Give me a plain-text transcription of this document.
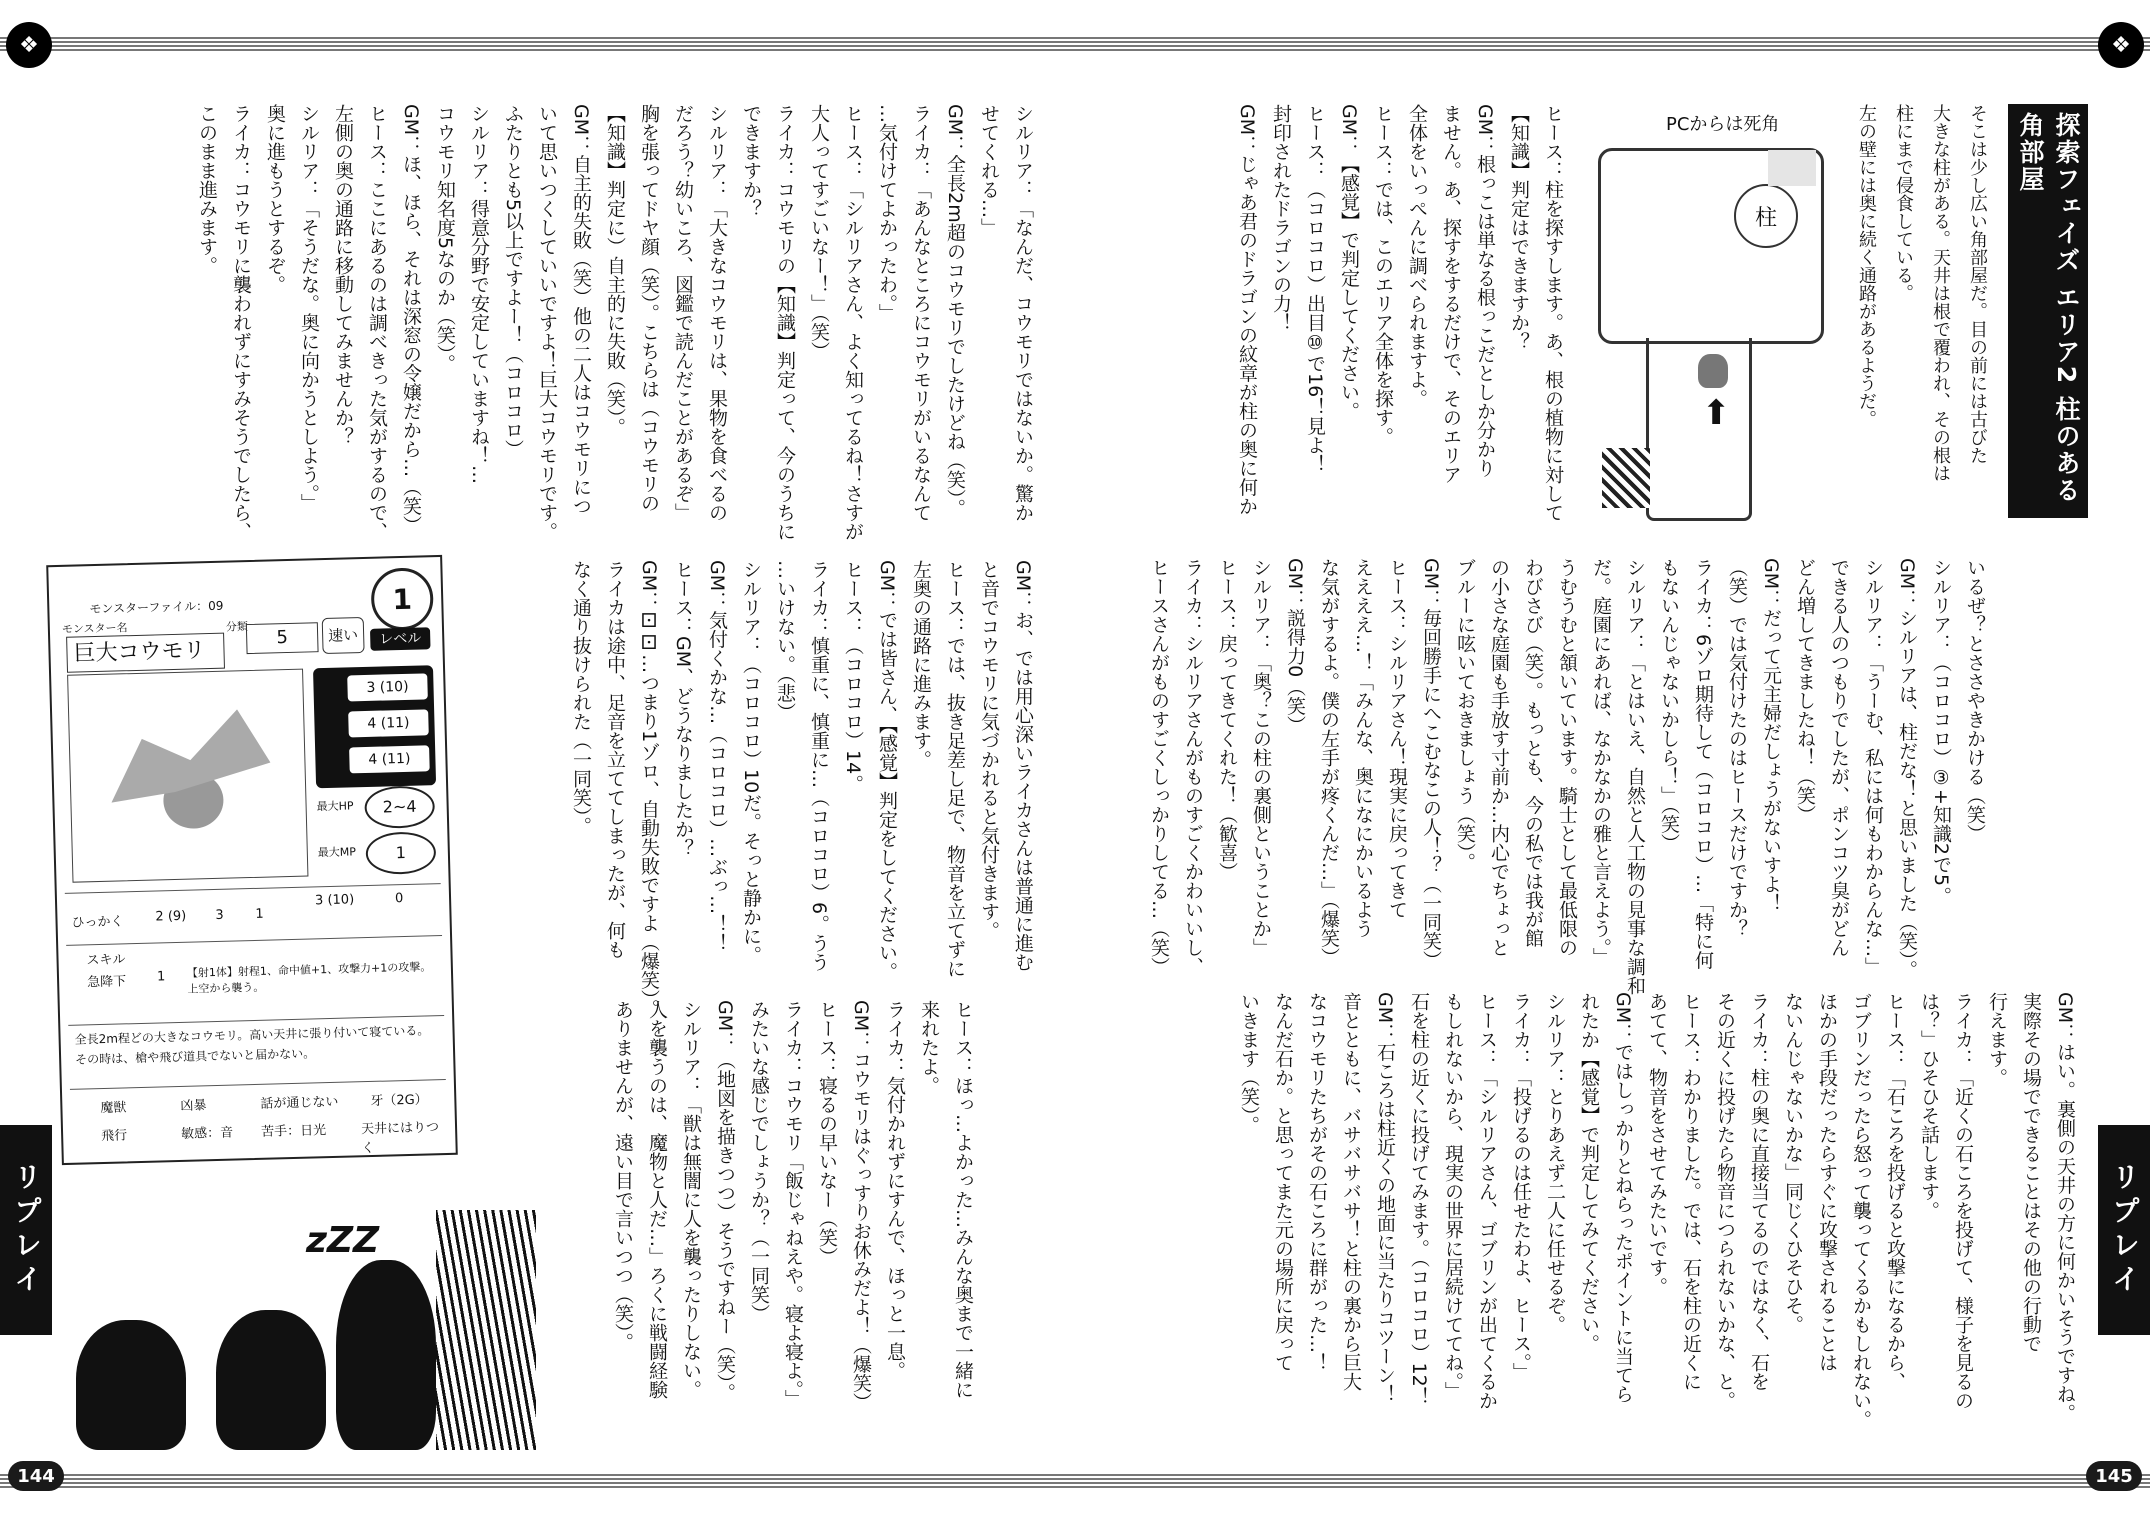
❖	❖
144	145
リプレイ	リプレイ
探索フェイズ エリア2 柱のある角部屋
そこは少し広い角部屋だ。目の前には古びた
大きな柱がある。天井は根で覆われ、その根は
柱にまで侵食している。
左の壁には奥に続く通路があるようだ。
PCからは死角
柱
⬆
ヒース：柱を探すします。あ、根の植物に対して
【知識】判定はできますか？
GM：根っこは単なる根っこだとしか分かり
ません。あ、探すをするだけで、そのエリア
全体をいっぺんに調べられますよ。
ヒース：では、このエリア全体を探す。
GM：【感覚】で判定してください。
ヒース：（コロコロ）出目⑩で16！見よ！
封印されたドラゴンの力！
GM：じゃあ君のドラゴンの紋章が柱の奥に何か
いるぜ？とささやきかける（笑）
シルリア：（コロコロ）③+知識2で5。
GM：シルリアは、柱だな！と思いました（笑）。
シルリア：「うーむ、私には何もわからんな…」
できる人のつもりでしたが、ポンコツ臭がどん
どん増してきましたね！（笑）
GM：だって元主婦だしょうがないすよ！
（笑）では気付けたのはヒースだけですか？
ライカ：6ゾロ期待して（コロコロ）…「特に何
もないんじゃないかしら！」（笑）
シルリア：「とはいえ、自然と人工物の見事な調和
だ。庭園にあれば、なかなかの雅と言えよう。」
うむうむと頷いています。騎士として最低限の
わびさび（笑）。もっとも、今の私では我が館
の小さな庭園も手放す寸前か…内心でちょっと
ブルーに呟いておきましょう（笑）。
GM：毎回勝手にへこむなこの人！？（一同笑）
ヒース：シルリアさん！現実に戻ってきて
ええええ…！「みんな、奥になにかいるよう
な気がするよ。僕の左手が疼くんだ…」（爆笑）
GM：説得力0（笑）
シルリア：「奥？この柱の裏側ということか」
ヒース：戻ってきてくれた！（歓喜）
ライカ：シルリアさんがものすごくかわいいし、
ヒースさんがものすごくしっかりしてる…（笑）
GM：はい。裏側の天井の方に何かいそうですね。
実際その場でできることはその他の行動で
行えます。
ライカ：「近くの石ころを投げて、様子を見るの
は？」ひそひそ話します。
ヒース：「石ころを投げると攻撃になるから、
ゴブリンだったら怒って襲ってくるかもしれない。
ほかの手段だったらすぐに攻撃されることは
ないんじゃないかな」同じくひそひそ。
ライカ：柱の奥に直接当てるのではなく、石を
その近くに投げたら物音につられないかな、と。
ヒース：わかりました。では、石を柱の近くに
あてて、物音をさせてみたいです。
GM：ではしっかりとねらったポイントに当てら
れたか【感覚】で判定してみてください。
シルリア：とりあえず二人に任せるぞ。
ライカ：「投げるのは任せたわよ、ヒース。」
ヒース：「シルリアさん、ゴブリンが出てくるか
もしれないから、現実の世界に居続けててね。」
石を柱の近くに投げてみます。（コロコロ）12！
GM：石ころは柱近くの地面に当たりコツーン！
音とともに、バサバサバサ！と柱の裏から巨大
なコウモリたちがその石ころに群がった…！
なんだ石か。と思ってまた元の場所に戻って
いきます（笑）。
シルリア：「なんだ、コウモリではないか。驚か
せてくれる…」
GM：全長2m超のコウモリでしたけどね（笑）。
ライカ：「あんなところにコウモリがいるなんて
…気付けてよかったわ。」
ヒース：「シルリアさん、よく知ってるね！さすが
大人ってすごいなー！」（笑）
ライカ：コウモリの【知識】判定って、今のうちに
できますか？
シルリア：「大きなコウモリは、果物を食べるの
だろう？幼いころ、図鑑で読んだことがあるぞ」
胸を張ってドヤ顔（笑）。こちらは（コウモリの
【知識】判定に）自主的に失敗（笑）。
GM：自主的失敗（笑）他の二人はコウモリにつ
いて思いつくしていいですよ！巨大コウモリです。
ふたりとも5以上ですよー！（コロコロ）
シルリア：得意分野で安定していますね！…
コウモリ知名度5なのか（笑）。
GM：ほ、ほら、それは深窓の令嬢だから…（笑）
ヒース：ここにあるのは調べきった気がするので、
左側の奥の通路に移動してみませんか？
シルリア：「そうだな。奥に向かうとしよう。」
奥に進もうとするぞ。
ライカ：コウモリに襲われずにすみそうでしたら、
このまま進みます。
GM：お、では用心深いライカさんは普通に進む
と音でコウモリに気づかれると気付きます。
ヒース：では、抜き足差し足で、物音を立てずに
左奥の通路に進みます。
GM：では皆さん、【感覚】判定をしてください。
ヒース：（コロコロ）14。
ライカ：慎重に、慎重に…（コロコロ）6。うう
…いけない。（悲）
シルリア：（コロコロ）10だ。そっと静かに。
GM：気付くかな…（コロコロ）…ぶっ…！！
ヒース：GM、どうなりましたか？
GM：⚀⚀…つまり1ゾロ、自動失敗ですよ（爆笑）。
ライカは途中、足音を立ててしまったが、何も
なく通り抜けられた（一同笑）。
ヒース：ほっ…よかった…みんな奥まで一緒に
来れたよ。
ライカ：気付かれずにすんで、ほっと一息。
GM：コウモリはぐっすりお休みだよ！（爆笑）
ヒース：寝るの早いなー（笑）
ライカ：コウモリ「飯じゃねえや。寝よ寝よ。」
みたいな感じでしょうか？（一同笑）
GM：（地図を描きつつ）そうですねー（笑）。
シルリア：「獣は無闇に人を襲ったりしない。
人を襲うのは、魔物と人だ…」ろくに戦闘経験
ありませんが、遠い目で言いつつ（笑）。
モンスターファイル：09
モンスター名
巨大コウモリ
分類
5	速い
1
レベル
3 (10)
4 (11)
4 (11)
最大HP	2~4
最大MP	1
ひっかく 2 (9) 3 1
3 (10)	0
スキル
急降下 1 【射1体】射程1、命中値+1、攻撃力+1の攻撃。上空から襲う。
全長2m程どの大きなコウモリ。高い天井に張り付いて寝ている。その時は、槍や飛び道具でないと届かない。
魔獣	凶暴	話が通じない 牙（2G）
飛行	敏感：音 苦手：日光	天井にはりつく
zZZ
